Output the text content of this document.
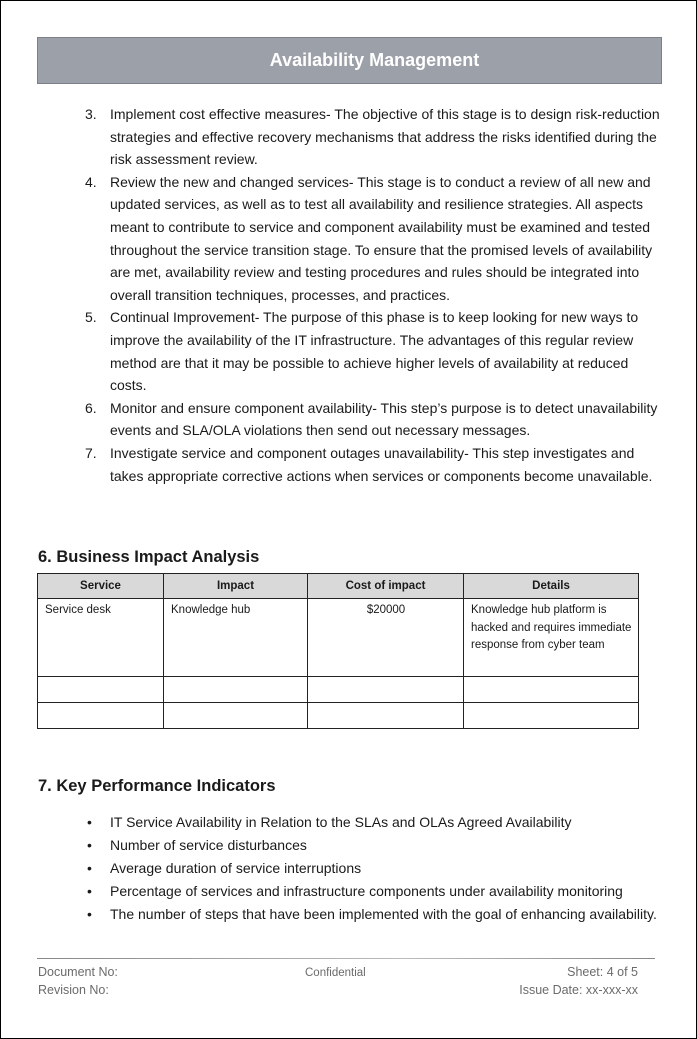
Availability Management
3. Implement cost effective measures- The objective of this stage is to design risk-reduction strategies and effective recovery mechanisms that address the risks identified during the risk assessment review.
4. Review the new and changed services- This stage is to conduct a review of all new and updated services, as well as to test all availability and resilience strategies. All aspects meant to contribute to service and component availability must be examined and tested throughout the service transition stage. To ensure that the promised levels of availability are met, availability review and testing procedures and rules should be integrated into overall transition techniques, processes, and practices.
5. Continual Improvement- The purpose of this phase is to keep looking for new ways to improve the availability of the IT infrastructure. The advantages of this regular review method are that it may be possible to achieve higher levels of availability at reduced costs.
6. Monitor and ensure component availability- This step’s purpose is to detect unavailability events and SLA/OLA violations then send out necessary messages.
7. Investigate service and component outages unavailability- This step investigates and takes appropriate corrective actions when services or components become unavailable.
6. Business Impact Analysis
Service	Impact	Cost of impact	Details
Service desk	Knowledge hub	$20000	Knowledge hub platform is hacked and requires immediate response from cyber team

7. Key Performance Indicators
• IT Service Availability in Relation to the SLAs and OLAs Agreed Availability
• Number of service disturbances
• Average duration of service interruptions
• Percentage of services and infrastructure components under availability monitoring
• The number of steps that have been implemented with the goal of enhancing availability.
Document No:	Confidential	Sheet: 4 of 5
Revision No:	Issue Date: xx-xxx-xx
